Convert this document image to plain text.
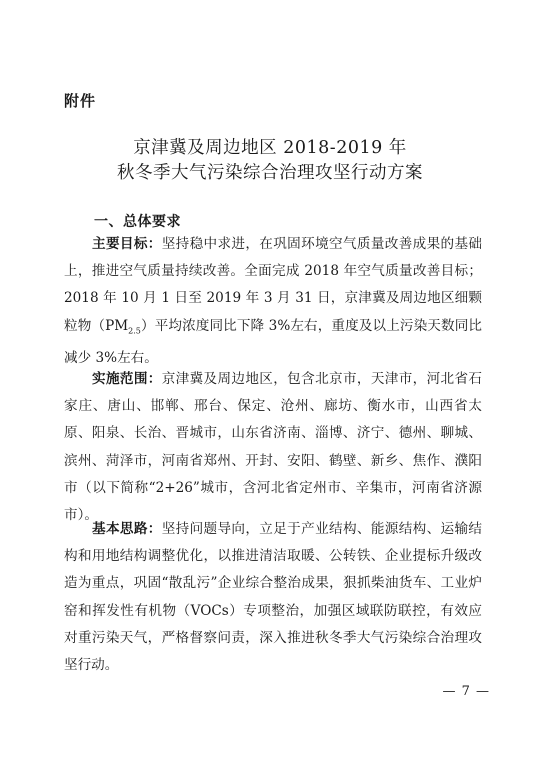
附件
京津冀及周边地区 2018-2019 年
秋冬季大气污染综合治理攻坚行动方案
一、总体要求

主要目标：坚持稳中求进，在巩固环境空气质量改善成果的基础上，推进空气质量持续改善。全面完成 2018 年空气质量改善目标；2018 年 10 月 1 日至 2019 年 3 月 31 日，京津冀及周边地区细颗粒物$(PM_{2.5})$平均浓度同比下降 3%左右，重度及以上污染天数同比减少 3%左右。

实施范围：京津冀及周边地区，包含北京市，天津市，河北省石家庄、唐山、邯郸、邢台、保定、沧州、廊坊、衡水市，山西省太原、阳泉、长治、晋城市，山东省济南、淄博、济宁、德州、聊城、滨州、菏泽市，河南省郑州、开封、安阳、鹤壁、新乡、焦作、濮阳市（以下简称“2+26”城市，含河北省定州市、辛集市，河南省济源市）。

基本思路：坚持问题导向，立足于产业结构、能源结构、运输结构和用地结构调整优化，以推进清洁取暖、公转铁、企业提标升级改造为重点，巩固“散乱污”企业综合整治成果，狠抓柴油货车、工业炉窑和挥发性有机物（VOCs）专项整治，加强区域联防联控，有效应对重污染天气，严格督察问责，深入推进秋冬季大气污染综合治理攻坚行动。

— 7 —
